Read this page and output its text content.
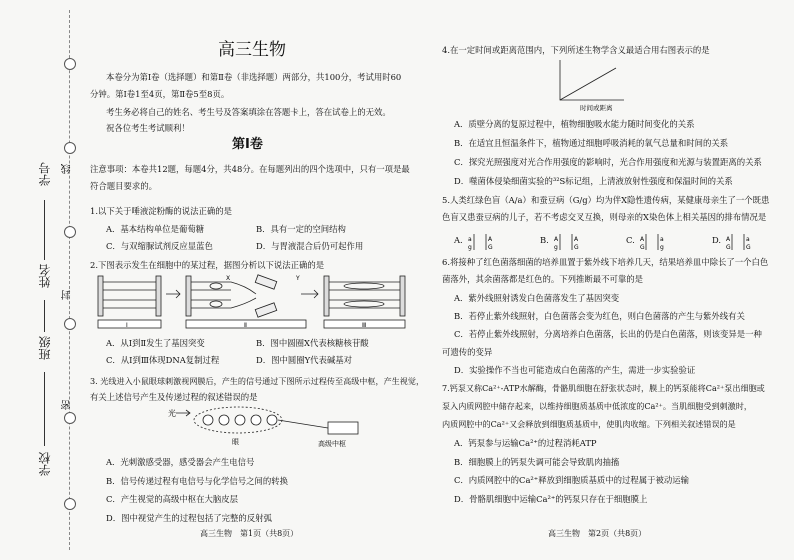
学校
班级
姓名
学号
密
封
线
高三生物
本卷分为第Ⅰ卷（选择题）和第Ⅱ卷（非选择题）两部分，共100分，考试用时60
分钟。第Ⅰ卷1至4页，第Ⅱ卷5至8页。
考生务必将自己的姓名、考生号及答案填涂在答题卡上，答在试卷上的无效。
祝各位考生考试顺利！
第Ⅰ卷
注意事项：本卷共12题，每题4分，共48分。在每题列出的四个选项中，只有一项是最
符合题目要求的。
1.以下关于唾液淀粉酶的说法正确的是
A．基本结构单位是葡萄糖	B．具有一定的空间结构
C．与双缩脲试剂反应显蓝色	D．与胃液混合后仍可起作用
2.下图表示发生在细胞中的某过程，据图分析以下说法正确的是
Ⅰ	Ⅱ	Ⅲ
X	Y
A．从Ⅰ到Ⅱ发生了基因突变	B．图中圆圈X代表核糖核苷酸
C．从Ⅰ到Ⅲ体现DNA复制过程	D．图中圆圈Y代表碱基对
3. 光线进入小鼠眼球刺激视网膜后，产生的信号通过下图所示过程传至高级中枢，产生视觉，
有关上述信号产生及传递过程的叙述错误的是
光
眼	高级中枢
A．光刺激感受器，感受器会产生电信号
B．信号传递过程有电信号与化学信号之间的转换
C．产生视觉的高级中枢在大脑皮层
D．图中视觉产生的过程包括了完整的反射弧
高三生物　第1页（共8页）
4.在一定时间或距离范围内，下列所述生物学含义最适合用右图表示的是
时间或距离
A．质壁分离的复原过程中，植物细胞吸水能力随时间变化的关系
B．在适宜且恒温条件下，植物通过细胞呼吸消耗的氧气总量和时间的关系
C．探究光照强度对光合作用强度的影响时，光合作用强度和光源与装置距离的关系
D．噬菌体侵染细菌实验的³²S标记组，上清液放射性强度和保温时间的关系
5.人类红绿色盲（A/a）和蚕豆病（G/g）均为伴X隐性遗传病，某健康母亲生了一个既患
色盲又患蚕豆病的儿子，若不考虑交叉互换，则母亲的X染色体上相关基因的排布情况是
A. a
g
A
G
B. A
g
A
G
C. A
G
a
g
D. A
G
a
G
6.将接种了红色菌落细菌的培养皿置于紫外线下培养几天，结果培养皿中除长了一个白色
菌落外，其余菌落都是红色的。下列推断最不可靠的是
A．紫外线照射诱发白色菌落发生了基因突变
B．若停止紫外线照射，白色菌落会变为红色，则白色菌落的产生与紫外线有关
C．若停止紫外线照射，分离培养白色菌落，长出的仍是白色菌落，则该变异是一种
可遗传的变异
D．实验操作不当也可能造成白色菌落的产生，需进一步实验验证
7.钙泵又称Ca²⁺-ATP水解酶，骨骼肌细胞在舒张状态时，膜上的钙泵能将Ca²⁺泵出细胞或
泵入内质网腔中储存起来，以维持细胞质基质中低浓度的Ca²⁺。当肌细胞受到刺激时，
内质网腔中的Ca²⁺又会释放到细胞质基质中，使肌肉收缩。下列相关叙述错误的是
A．钙泵参与运输Ca²⁺的过程消耗ATP
B．细胞膜上的钙泵失调可能会导致肌肉抽搐
C．内质网腔中的Ca²⁺释放到细胞质基质中的过程属于被动运输
D．骨骼肌细胞中运输Ca²⁺的钙泵只存在于细胞膜上
高三生物　第2页（共8页）
